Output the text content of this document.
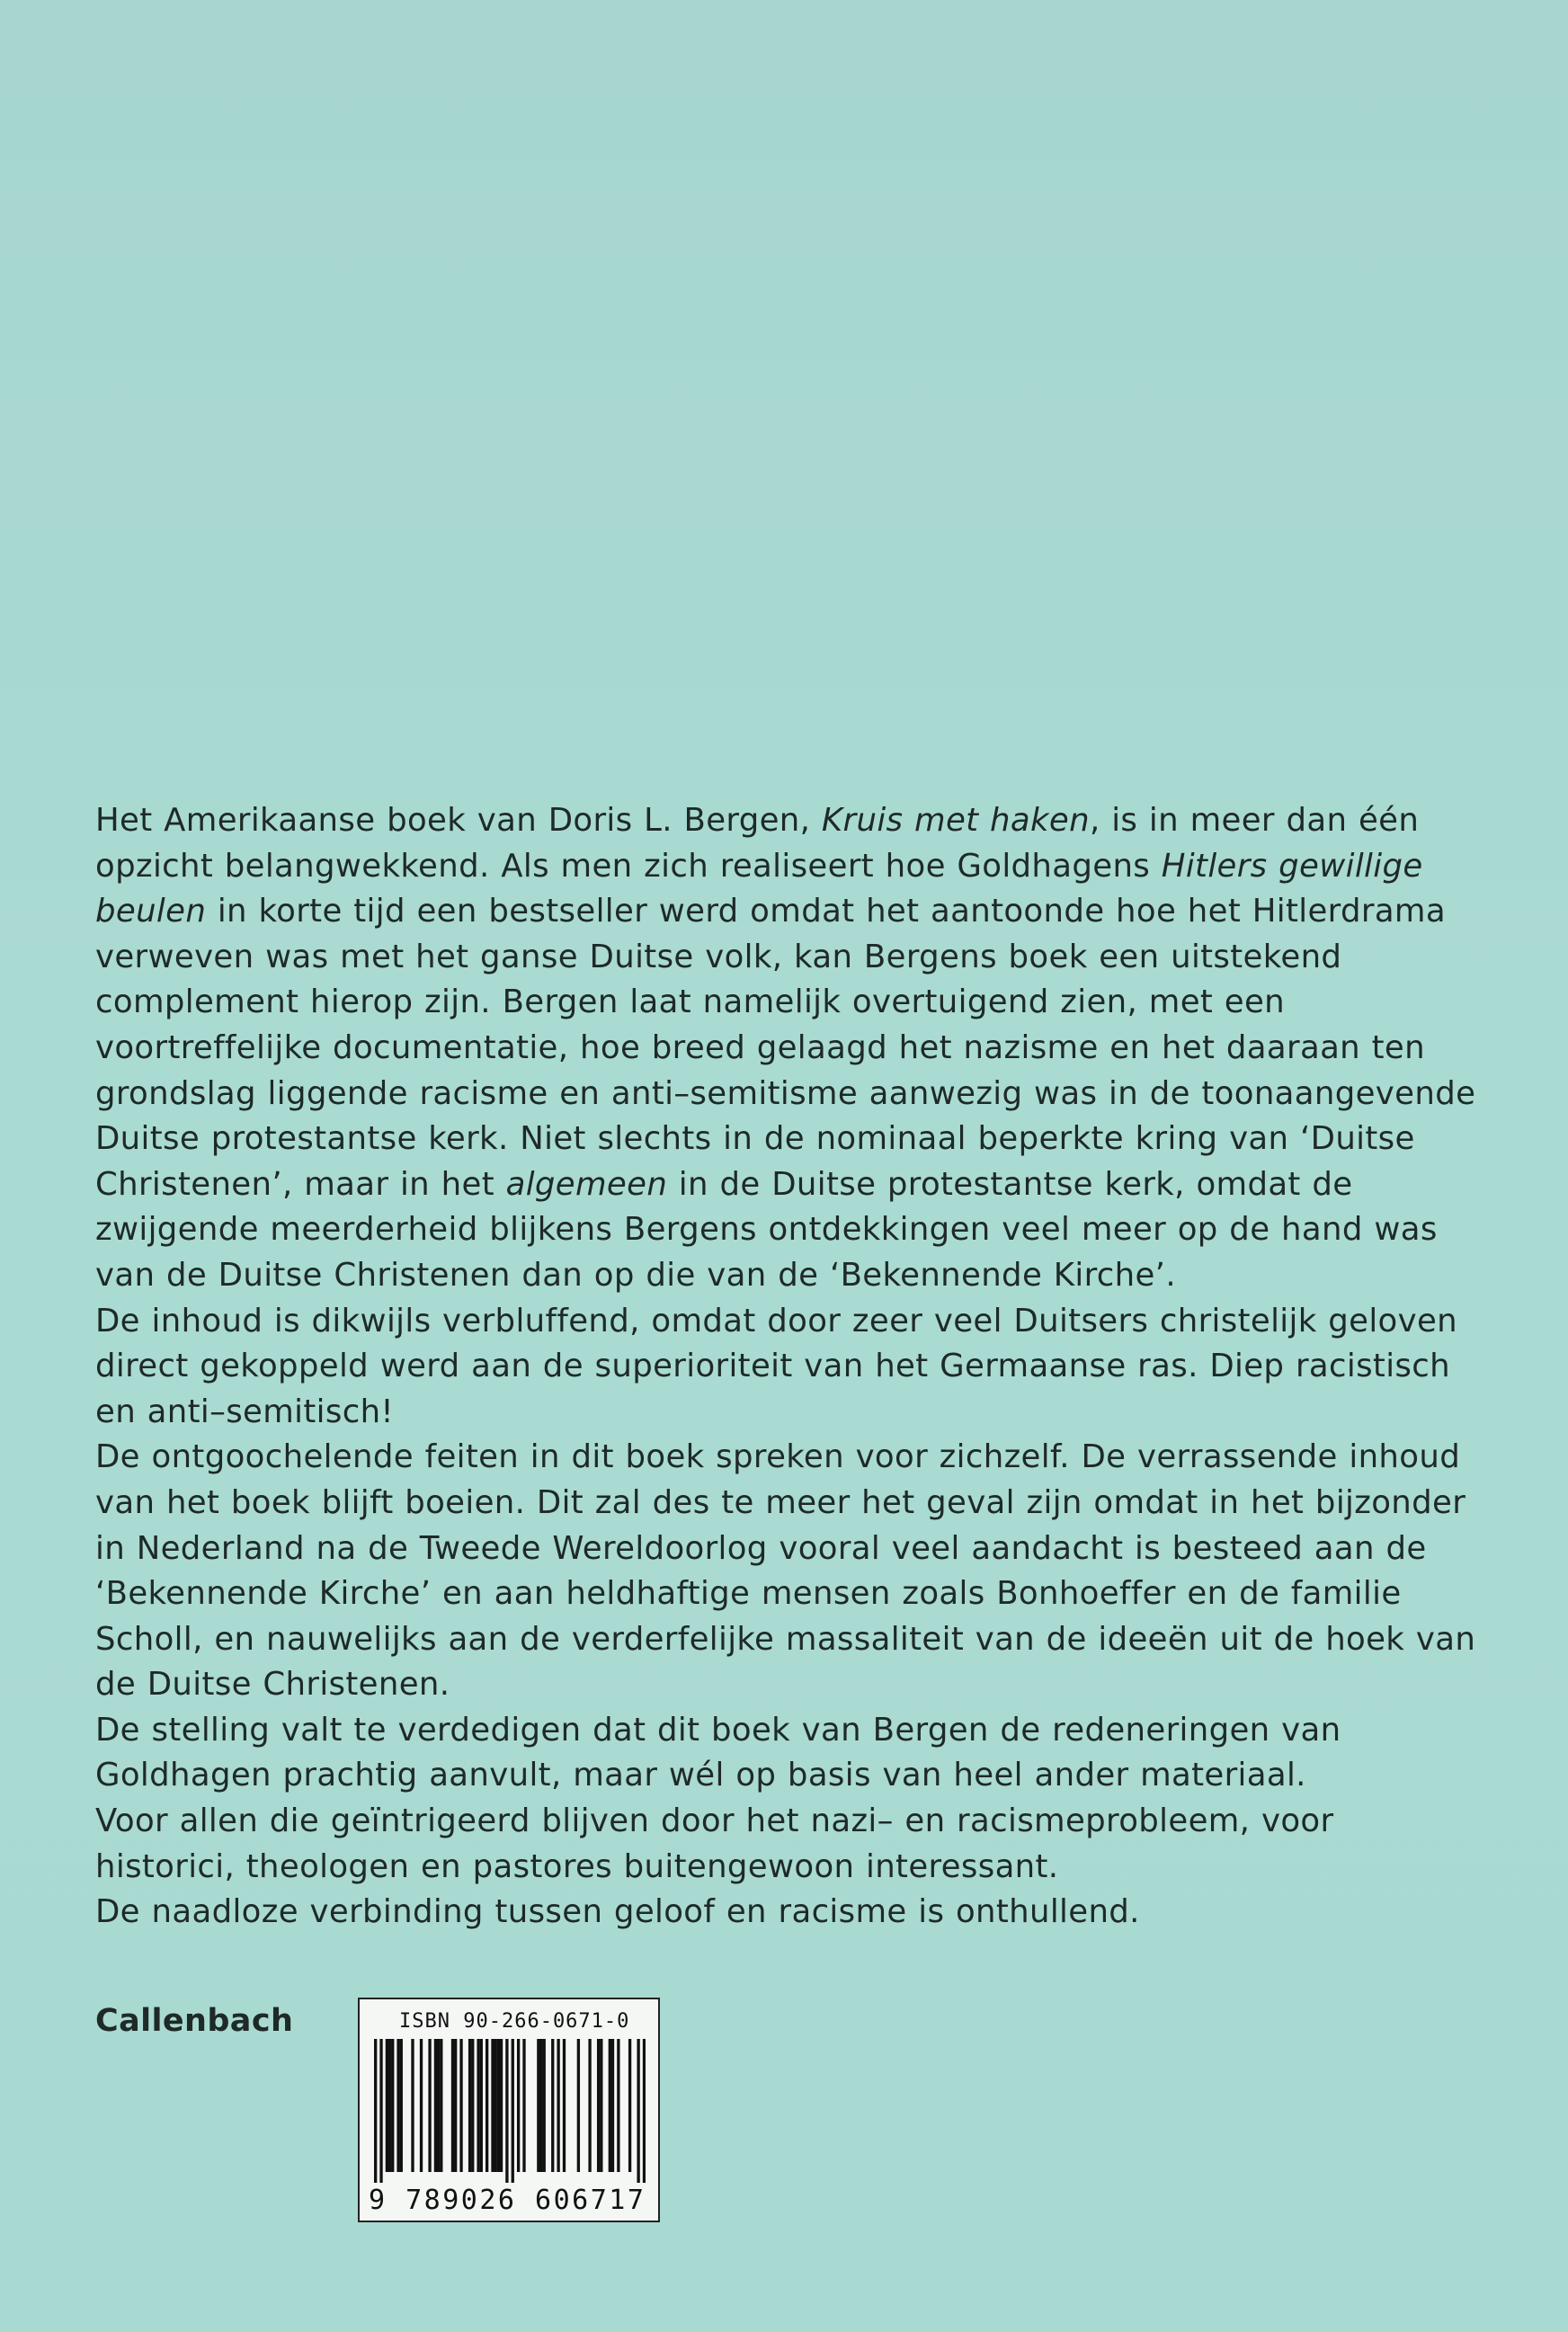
Het Amerikaanse boek van Doris L. Bergen, Kruis met haken, is in meer dan één opzicht belangwekkend. Als men zich realiseert hoe Goldhagens Hitlers gewillige beulen in korte tijd een bestseller werd omdat het aantoonde hoe het Hitlerdrama verweven was met het ganse Duitse volk, kan Bergens boek een uitstekend complement hierop zijn. Bergen laat namelijk overtuigend zien, met een voortreffelijke documentatie, hoe breed gelaagd het nazisme en het daaraan ten grondslag liggende racisme en anti–semitisme aanwezig was in de toonaangevende Duitse protestantse kerk. Niet slechts in de nominaal beperkte kring van ‘Duitse Christenen’, maar in het algemeen in de Duitse protestantse kerk, omdat de zwijgende meerderheid blijkens Bergens ontdekkingen veel meer op de hand was van de Duitse Christenen dan op die van de ‘Bekennende Kirche’.

De inhoud is dikwijls verbluffend, omdat door zeer veel Duitsers christelijk geloven direct gekoppeld werd aan de superioriteit van het Germaanse ras. Diep racistisch en anti–semitisch!

De ontgoochelende feiten in dit boek spreken voor zichzelf. De verrassende inhoud van het boek blijft boeien. Dit zal des te meer het geval zijn omdat in het bijzonder in Nederland na de Tweede Wereldoorlog vooral veel aandacht is besteed aan de ‘Bekennende Kirche’ en aan heldhaftige mensen zoals Bonhoeffer en de familie Scholl, en nauwelijks aan de verderfelijke massaliteit van de ideeën uit de hoek van de Duitse Christenen.

De stelling valt te verdedigen dat dit boek van Bergen de redeneringen van Goldhagen prachtig aanvult, maar wél op basis van heel ander materiaal.

Voor allen die geïntrigeerd blijven door het nazi– en racismeprobleem, voor historici, theologen en pastores buitengewoon interessant.

De naadloze verbinding tussen geloof en racisme is onthullend.

Callenbach	ISBN 90-266-0671-0
9 789026 606717
